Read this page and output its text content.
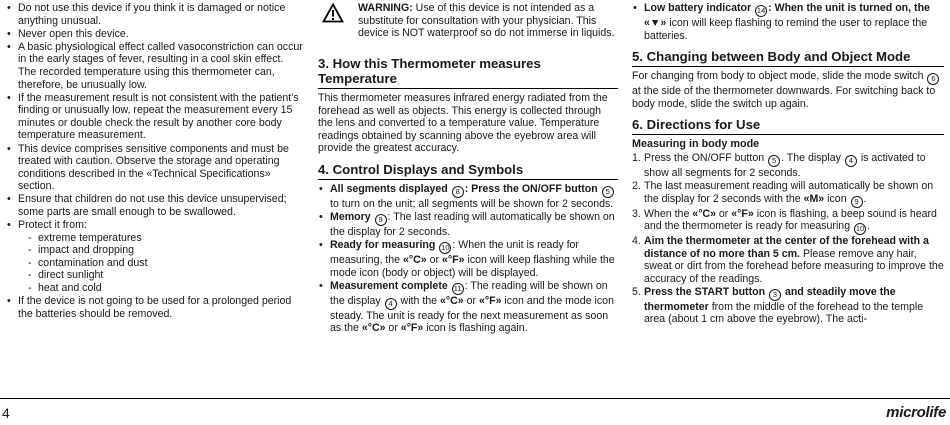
• Do not use this device if you think it is damaged or notice anything unusual.
• Never open this device.
• A basic physiological effect called vasoconstriction can occur in the early stages of fever, resulting in a cool skin effect. The recorded temperature using this thermometer can, therefore, be unusually low.
• If the measurement result is not consistent with the patient's finding or unusually low, repeat the measurement every 15 minutes or double check the result by another core body temperature measurement.
• This device comprises sensitive components and must be treated with caution. Observe the storage and operating conditions described in the «Technical Specifications» section.
• Ensure that children do not use this device unsupervised; some parts are small enough to be swallowed.
• Protect it from:
- extreme temperatures
- impact and dropping
- contamination and dust
- direct sunlight
- heat and cold
• If the device is not going to be used for a prolonged period the batteries should be removed.
WARNING: Use of this device is not intended as a substitute for consultation with your physician. This device is NOT waterproof so do not immerse in liquids.
3. How this Thermometer measures Temperature

This thermometer measures infrared energy radiated from the forehead as well as objects. This energy is collected through the lens and converted to a temperature value. Temperature readings obtained by scanning above the eyebrow area will provide the greatest accuracy.

4. Control Displays and Symbols
• All segments displayed 8 : Press the ON/OFF button 5 to turn on the unit; all segments will be shown for 2 seconds.
• Memory 9 : The last reading will automatically be shown on the display for 2 seconds.
• Ready for measuring 10 : When the unit is ready for measuring, the «°C» or «°F» icon will keep flashing while the mode icon (body or object) will be displayed.
• Measurement complete 11 : The reading will be shown on the display 4 with the «°C» or «°F» icon and the mode icon steady. The unit is ready for the next measurement as soon as the «°C» or «°F» icon is flashing again.
• Low battery indicator 14 : When the unit is turned on, the «▼» icon will keep flashing to remind the user to replace the batteries.
5. Changing between Body and Object Mode

For changing from body to object mode, slide the mode switch 6 at the side of the thermometer downwards. For switching back to body mode, slide the switch up again.

6. Directions for Use
Measuring in body mode
1. Press the ON/OFF button 5 . The display 4 is activated to show all segments for 2 seconds.
2. The last measurement reading will automatically be shown on the display for 2 seconds with the «M» icon 9 .
3. When the «°C» or «°F» icon is flashing, a beep sound is heard and the thermometer is ready for measuring 10 .
4. Aim the thermometer at the center of the forehead with a distance of no more than 5 cm. Please remove any hair, sweat or dirt from the forehead before measuring to improve the accuracy of the readings.
5. Press the START button 3 and steadily move the thermometer from the middle of the forehead to the temple area (about 1 cm above the eyebrow). The acti-
4	microlife
